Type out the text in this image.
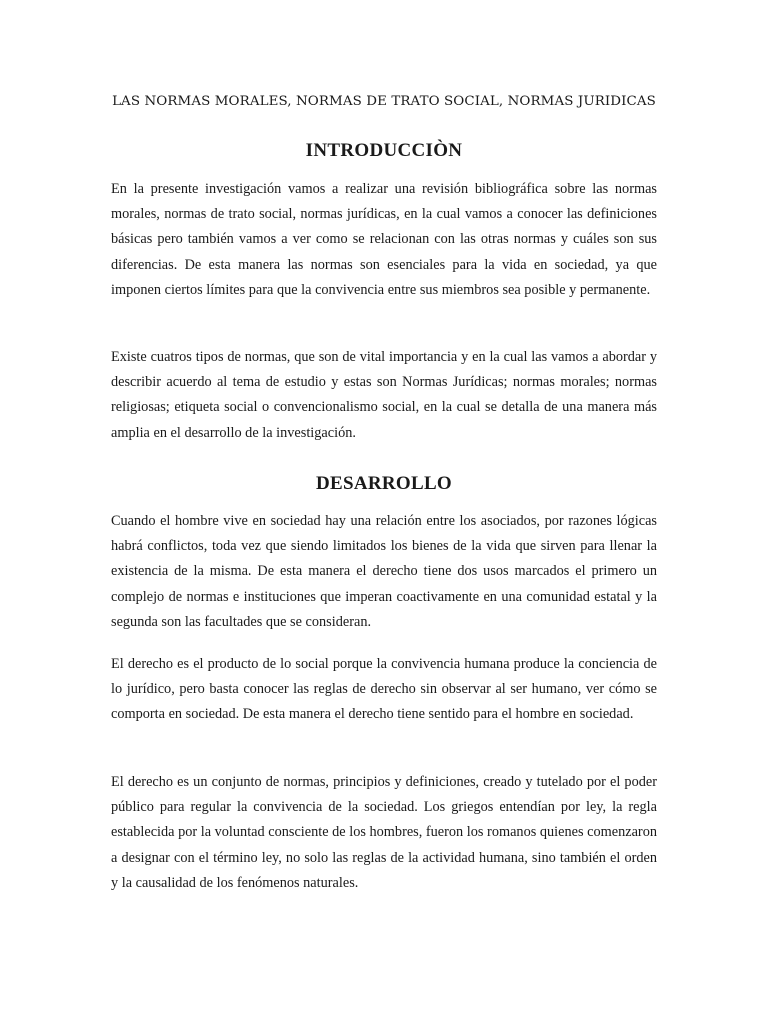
LAS NORMAS MORALES, NORMAS DE TRATO SOCIAL, NORMAS JURIDICAS
INTRODUCCIÒN

En la presente investigación vamos a realizar una revisión bibliográfica sobre las normas morales, normas de trato social, normas jurídicas, en la cual vamos a conocer las definiciones básicas pero también vamos a ver como se relacionan con las otras normas y cuáles son sus diferencias. De esta manera las normas son esenciales para la vida en sociedad, ya que imponen ciertos límites para que la convivencia entre sus miembros sea posible y permanente.

Existe cuatros tipos de normas, que son de vital importancia y en la cual las vamos a abordar y describir acuerdo al tema de estudio y estas son Normas Jurídicas; normas morales; normas religiosas; etiqueta social o convencionalismo social, en la cual se detalla de una manera más amplia en el desarrollo de la investigación.

DESARROLLO

Cuando el hombre vive en sociedad hay una relación entre los asociados, por razones lógicas habrá conflictos, toda vez que siendo limitados los bienes de la vida que sirven para llenar la existencia de la misma. De esta manera el derecho tiene dos usos marcados el primero un complejo de normas e instituciones que imperan coactivamente en una comunidad estatal y la segunda son las facultades que se consideran.

El derecho es el producto de lo social porque la convivencia humana produce la conciencia de lo jurídico, pero basta conocer las reglas de derecho sin observar al ser humano, ver cómo se comporta en sociedad. De esta manera el derecho tiene sentido para el hombre en sociedad.

El derecho es un conjunto de normas, principios y definiciones, creado y tutelado por el poder público para regular la convivencia de la sociedad. Los griegos entendían por ley, la regla establecida por la voluntad consciente de los hombres, fueron los romanos quienes comenzaron a designar con el término ley, no solo las reglas de la actividad humana, sino también el orden y la causalidad de los fenómenos naturales.
